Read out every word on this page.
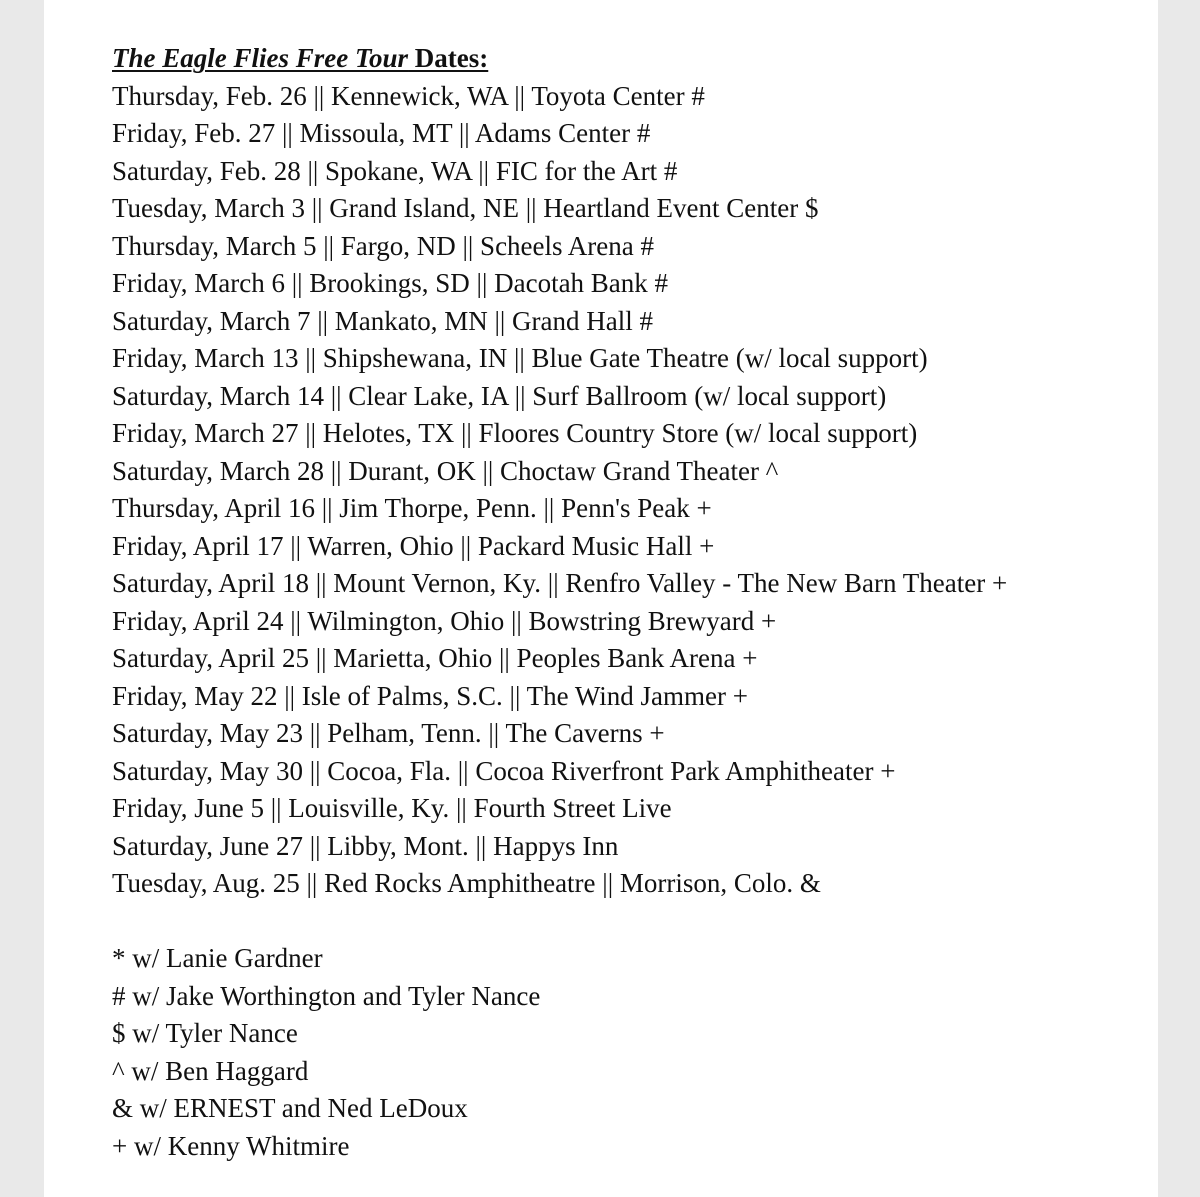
The Eagle Flies Free Tour Dates:
Thursday, Feb. 26 || Kennewick, WA || Toyota Center #
Friday, Feb. 27 || Missoula, MT || Adams Center #
Saturday, Feb. 28 || Spokane, WA || FIC for the Art #
Tuesday, March 3 || Grand Island, NE || Heartland Event Center $
Thursday, March 5 || Fargo, ND || Scheels Arena #
Friday, March 6 || Brookings, SD || Dacotah Bank #
Saturday, March 7 || Mankato, MN || Grand Hall #
Friday, March 13 || Shipshewana, IN || Blue Gate Theatre (w/ local support)
Saturday, March 14 || Clear Lake, IA || Surf Ballroom (w/ local support)
Friday, March 27 || Helotes, TX || Floores Country Store (w/ local support)
Saturday, March 28 || Durant, OK || Choctaw Grand Theater ^
Thursday, April 16 || Jim Thorpe, Penn. || Penn's Peak +
Friday, April 17 || Warren, Ohio || Packard Music Hall +
Saturday, April 18 || Mount Vernon, Ky. || Renfro Valley - The New Barn Theater +
Friday, April 24 || Wilmington, Ohio || Bowstring Brewyard +
Saturday, April 25 || Marietta, Ohio || Peoples Bank Arena +
Friday, May 22 || Isle of Palms, S.C. || The Wind Jammer +
Saturday, May 23 || Pelham, Tenn. || The Caverns +
Saturday, May 30 || Cocoa, Fla. || Cocoa Riverfront Park Amphitheater +
Friday, June 5 || Louisville, Ky. || Fourth Street Live
Saturday, June 27 || Libby, Mont. || Happys Inn
Tuesday, Aug. 25 || Red Rocks Amphitheatre || Morrison, Colo. &
* w/ Lanie Gardner
# w/ Jake Worthington and Tyler Nance
$ w/ Tyler Nance
^ w/ Ben Haggard
& w/ ERNEST and Ned LeDoux
+ w/ Kenny Whitmire
